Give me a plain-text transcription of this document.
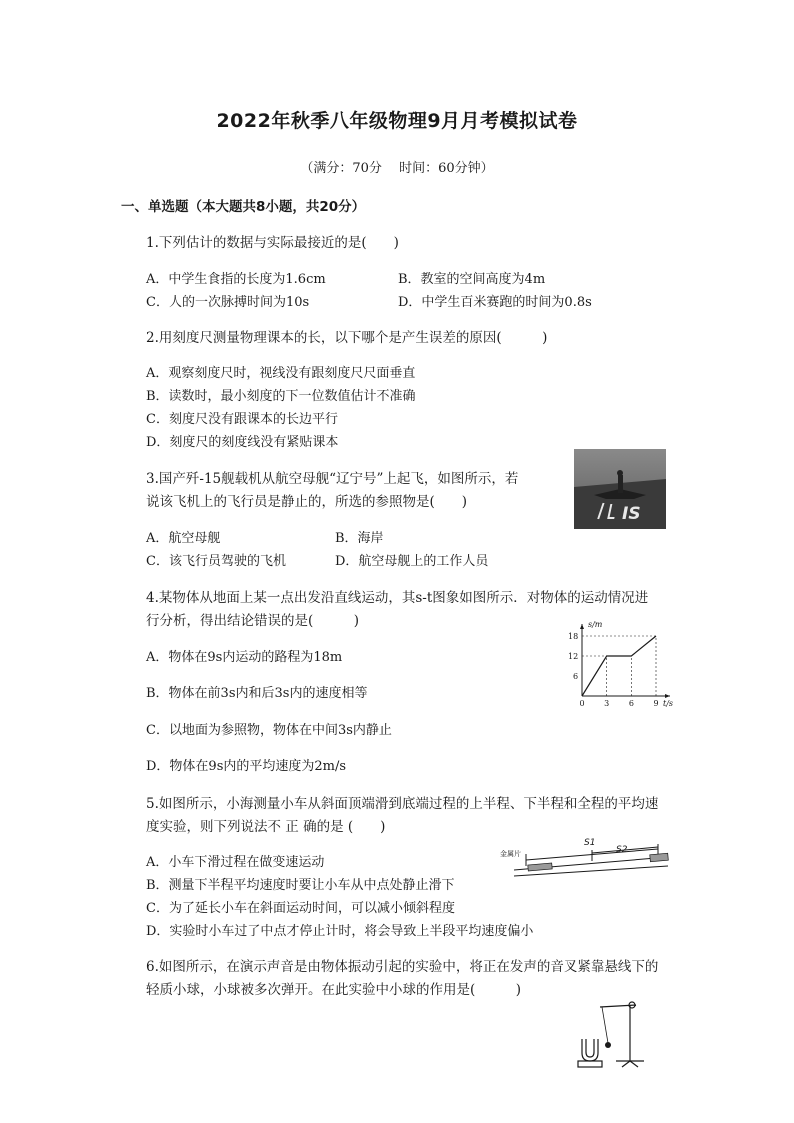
2022年秋季八年级物理9月月考模拟试卷
（满分：70分　 时间：60分钟）
一、单选题（本大题共8小题，共20分）
1.下列估计的数据与实际最接近的是(　　)
A．中学生食指的长度为1.6cm	B．教室的空间高度为4m
C．人的一次脉搏时间为10s	D．中学生百米赛跑的时间为0.8s
2.用刻度尺测量物理课本的长，以下哪个是产生误差的原因(　　　)
A．观察刻度尺时，视线没有跟刻度尺尺面垂直
B．读数时，最小刻度的下一位数值估计不准确
C．刻度尺没有跟课本的长边平行
D．刻度尺的刻度线没有紧贴课本
3.国产歼-15舰载机从航空母舰“辽宁号”上起飞，如图所示，若
说该飞机上的飞行员是静止的，所选的参照物是(　　)
A．航空母舰	B．海岸
C．该飞行员驾驶的飞机	D．航空母舰上的工作人员
IS
4.某物体从地面上某一点出发沿直线运动，其s-t图象如图所示．对物体的运动情况进
行分析，得出结论错误的是(　　　)
A．物体在9s内运动的路程为18m
B．物体在前3s内和后3s内的速度相等
C．以地面为参照物，物体在中间3s内静止
D．物体在9s内的平均速度为2m/s
s/m
t/s
0 3 6 9
6
12
18
5.如图所示，小海测量小车从斜面顶端滑到底端过程的上半程、下半程和全程的平均速
度实验，则下列说法不 正 确的是 (　　)
A．小车下滑过程在做变速运动
B．测量下半程平均速度时要让小车从中点处静止滑下
C．为了延长小车在斜面运动时间，可以减小倾斜程度
D．实验时小车过了中点才停止计时，将会导致上半段平均速度偏小
金属片
S1
S2
6.如图所示，在演示声音是由物体振动引起的实验中，将正在发声的音叉紧靠悬线下的
轻质小球，小球被多次弹开。在此实验中小球的作用是(　　　)
